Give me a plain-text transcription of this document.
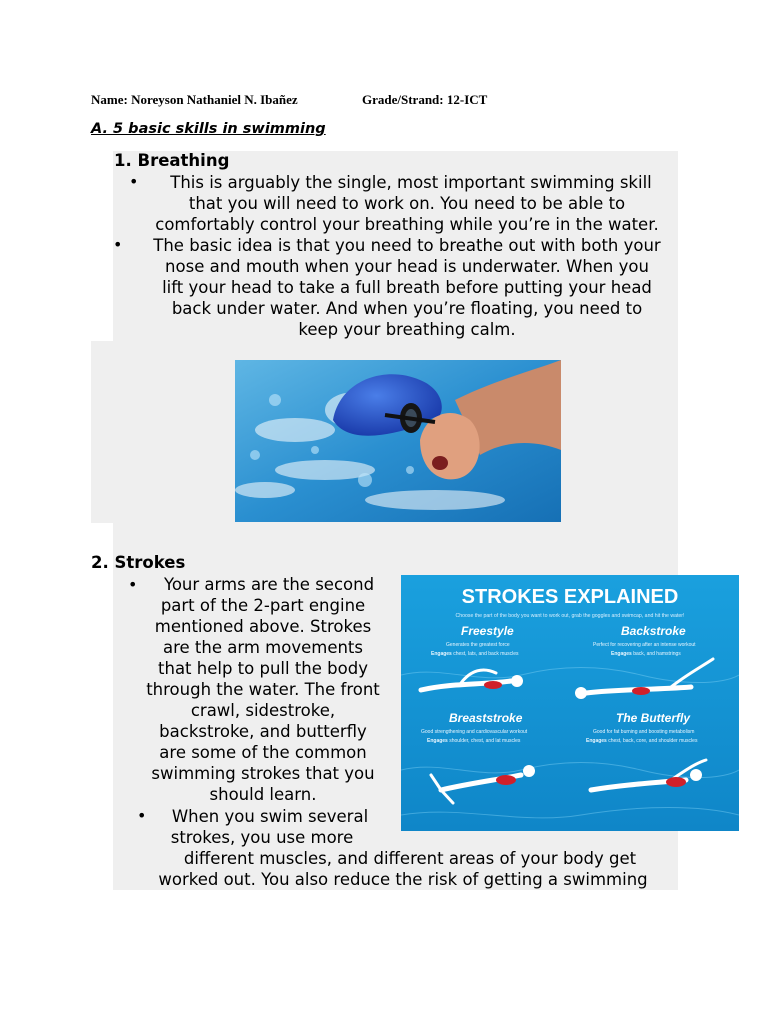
Name: Noreyson Nathaniel N. Ibañez	Grade/Strand: 12-ICT
A. 5 basic skills in swimming
1. Breathing
•	This is arguably the single, most important swimming skill
that you will need to work on. You need to be able to
comfortably control your breathing while you’re in the water.
•	The basic idea is that you need to breathe out with both your
nose and mouth when your head is underwater. When you
lift your head to take a full breath before putting your head
back under water. And when you’re floating, you need to
keep your breathing calm.
2. Strokes
•	Your arms are the second
part of the 2-part engine
mentioned above. Strokes
are the arm movements
that help to pull the body
through the water. The front
crawl, sidestroke,
backstroke, and butterfly
are some of the common
swimming strokes that you
should learn.
•	When you swim several
strokes, you use more
different muscles, and different areas of your body get
worked out. You also reduce the risk of getting a swimming
STROKES EXPLAINED
Choose the part of the body you want to work out, grab the goggles and swimcap, and hit the water!
Freestyle
Generates the greatest force
Engages chest, lats, and back muscles
Backstroke
Perfect for recovering after an intense workout
Engages back, and hamstrings
Breaststroke
Good strengthening and cardiovascular workout
Engages shoulder, chest, and lat muscles
The Butterfly
Good for fat burning and boosting metabolism
Engages chest, back, core, and shoulder muscles
